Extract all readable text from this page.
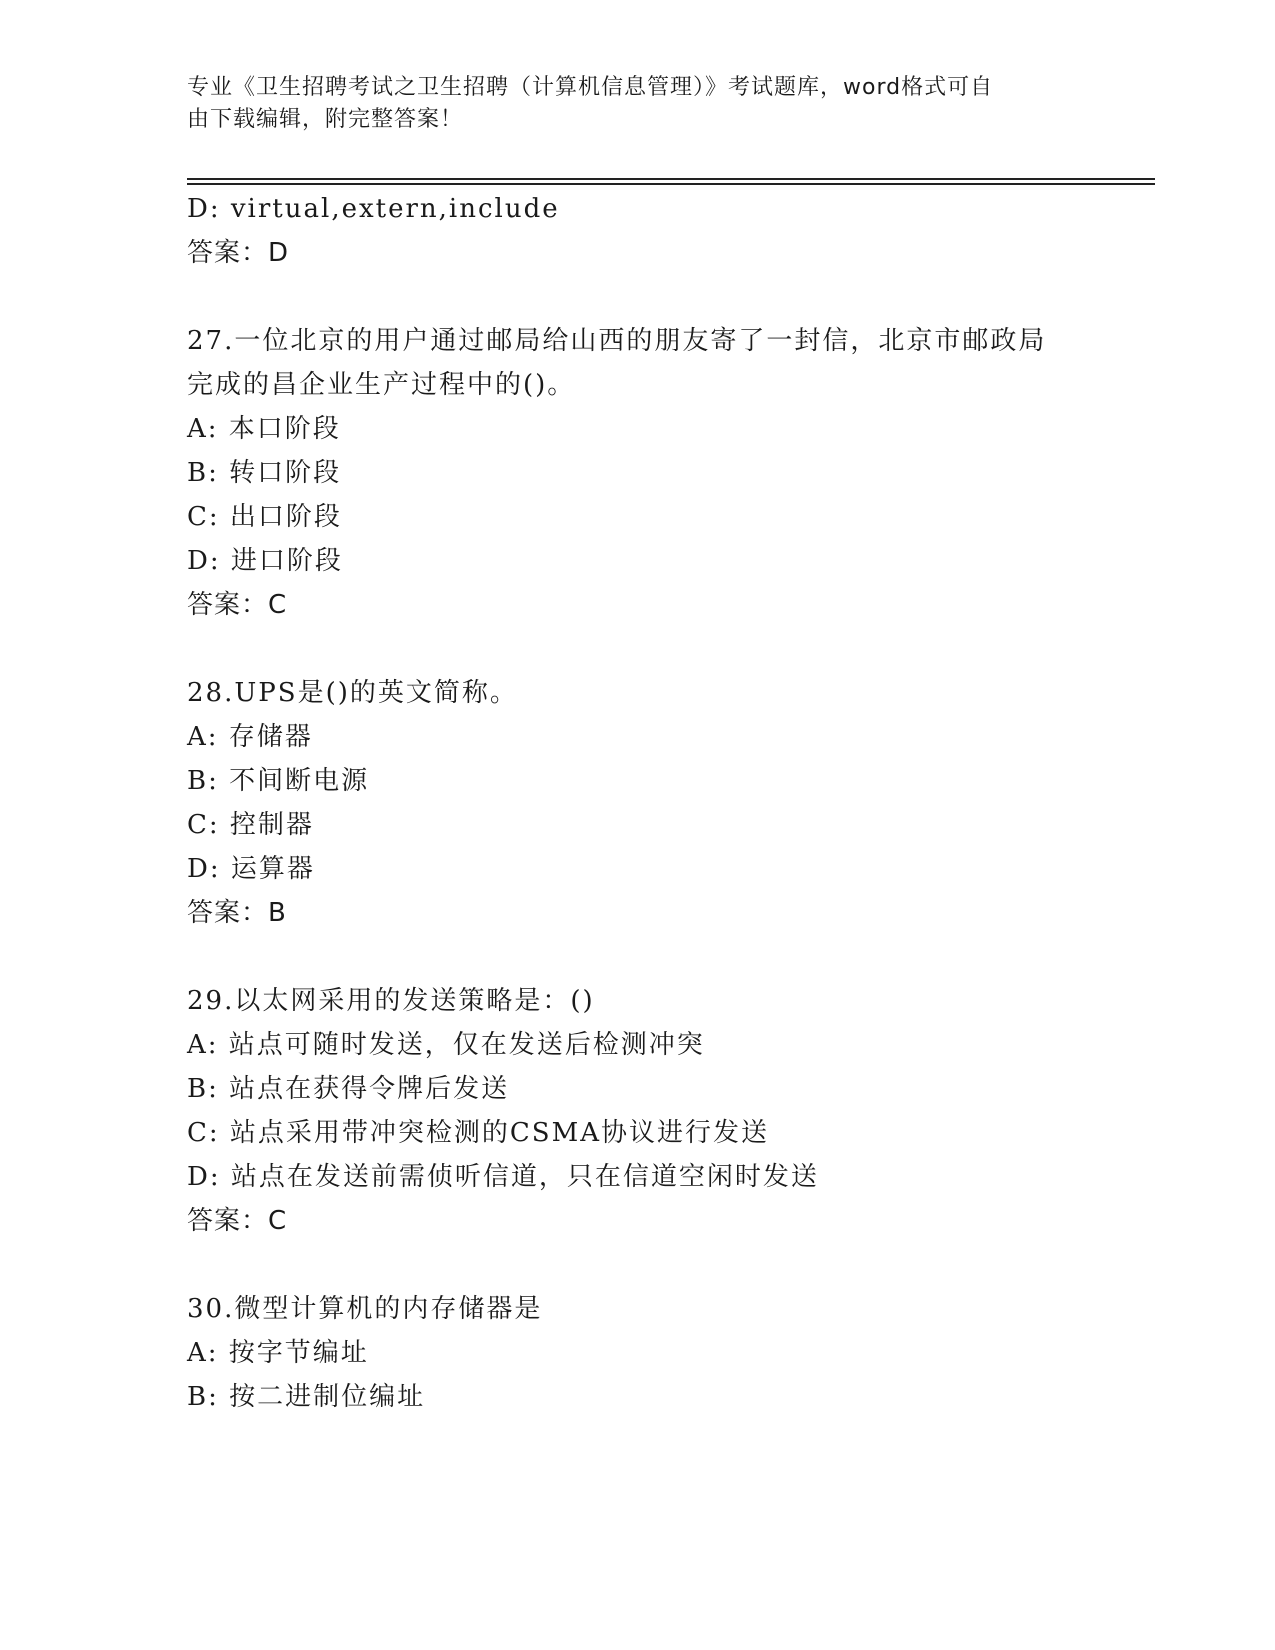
专业《卫生招聘考试之卫生招聘（计算机信息管理）》考试题库，word格式可自
由下载编辑，附完整答案！
D: virtual,extern,include
答案：D
27.一位北京的用户通过邮局给山西的朋友寄了一封信，北京市邮政局
完成的昌企业生产过程中的()。
A: 本口阶段
B: 转口阶段
C: 出口阶段
D: 进口阶段
答案：C
28.UPS是()的英文简称。
A: 存储器
B: 不间断电源
C: 控制器
D: 运算器
答案：B
29.以太网采用的发送策略是：()
A: 站点可随时发送，仅在发送后检测冲突
B: 站点在获得令牌后发送
C: 站点采用带冲突检测的CSMA协议进行发送
D: 站点在发送前需侦听信道，只在信道空闲时发送
答案：C
30.微型计算机的内存储器是
A: 按字节编址
B: 按二进制位编址
